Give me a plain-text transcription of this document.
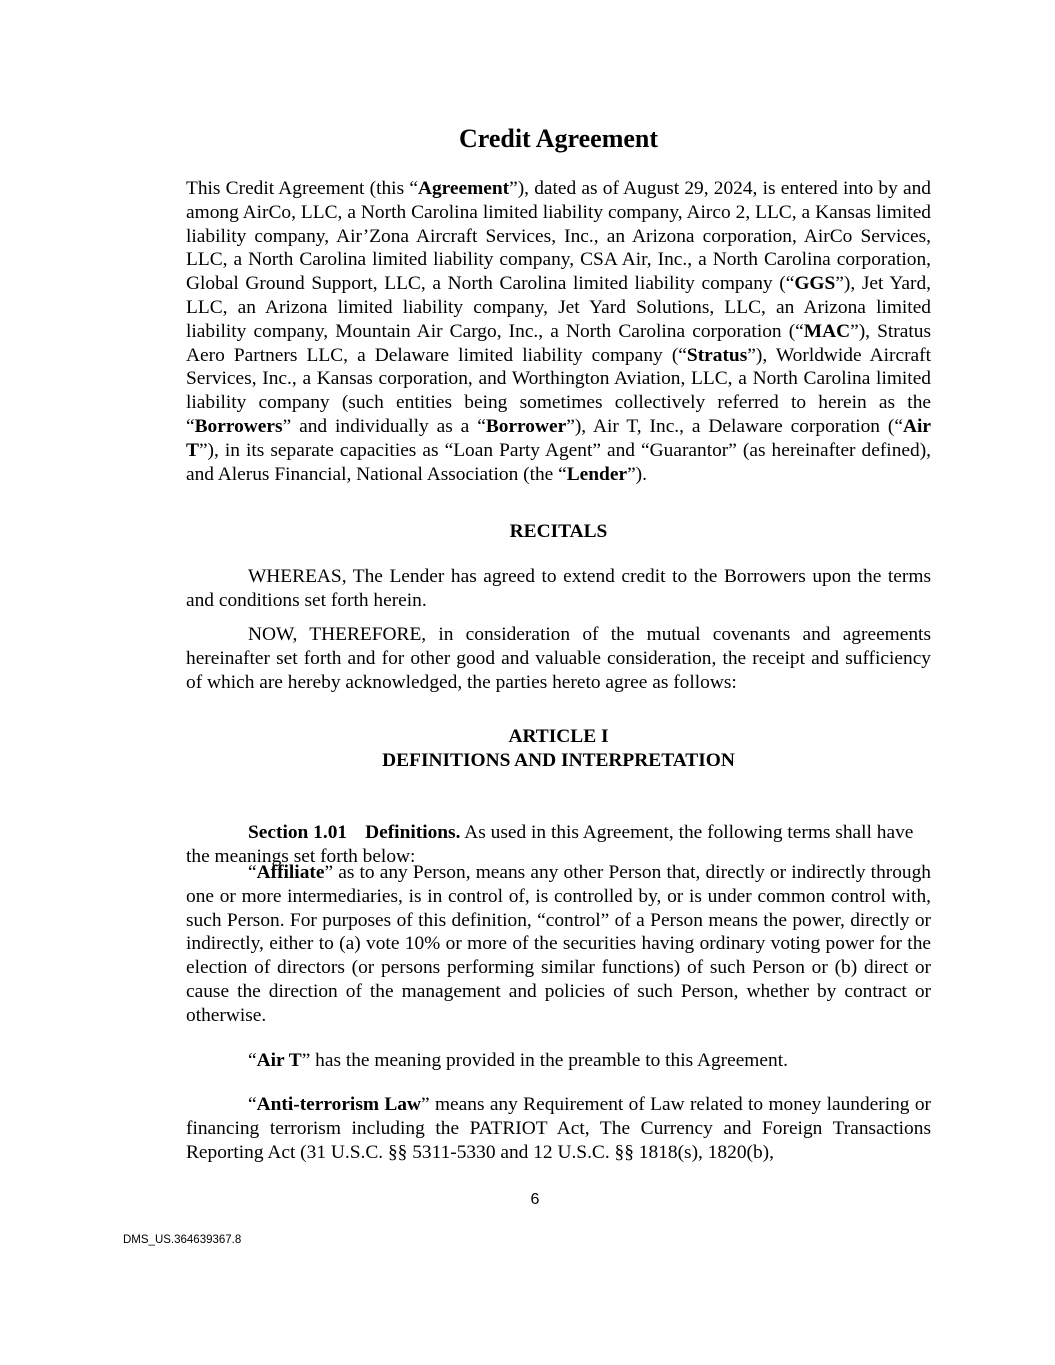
Credit Agreement
This Credit Agreement (this “Agreement”), dated as of August 29, 2024, is entered into by and among AirCo, LLC, a North Carolina limited liability company, Airco 2, LLC, a Kansas limited liability company, Air’Zona Aircraft Services, Inc., an Arizona corporation, AirCo Services, LLC, a North Carolina limited liability company, CSA Air, Inc., a North Carolina corporation, Global Ground Support, LLC, a North Carolina limited liability company (“GGS”), Jet Yard, LLC, an Arizona limited liability company, Jet Yard Solutions, LLC, an Arizona limited liability company, Mountain Air Cargo, Inc., a North Carolina corporation (“MAC”), Stratus Aero Partners LLC, a Delaware limited liability company (“Stratus”), Worldwide Aircraft Services, Inc., a Kansas corporation, and Worthington Aviation, LLC, a North Carolina limited liability company (such entities being sometimes collectively referred to herein as the “Borrowers” and individually as a “Borrower”), Air T, Inc., a Delaware corporation (“Air T”), in its separate capacities as “Loan Party Agent” and “Guarantor” (as hereinafter defined), and Alerus Financial, National Association (the “Lender”).
RECITALS
WHEREAS, The Lender has agreed to extend credit to the Borrowers upon the terms and conditions set forth herein.
NOW, THEREFORE, in consideration of the mutual covenants and agreements hereinafter set forth and for other good and valuable consideration, the receipt and sufficiency of which are hereby acknowledged, the parties hereto agree as follows:
ARTICLE I
DEFINITIONS AND INTERPRETATION
Section 1.01 Definitions. As used in this Agreement, the following terms shall have the meanings set forth below:
“Affiliate” as to any Person, means any other Person that, directly or indirectly through one or more intermediaries, is in control of, is controlled by, or is under common control with, such Person. For purposes of this definition, “control” of a Person means the power, directly or indirectly, either to (a) vote 10% or more of the securities having ordinary voting power for the election of directors (or persons performing similar functions) of such Person or (b) direct or cause the direction of the management and policies of such Person, whether by contract or otherwise.
“Air T” has the meaning provided in the preamble to this Agreement.
“Anti-terrorism Law” means any Requirement of Law related to money laundering or financing terrorism including the PATRIOT Act, The Currency and Foreign Transactions Reporting Act (31 U.S.C. §§ 5311-5330 and 12 U.S.C. §§ 1818(s), 1820(b),
6
DMS_US.364639367.8
